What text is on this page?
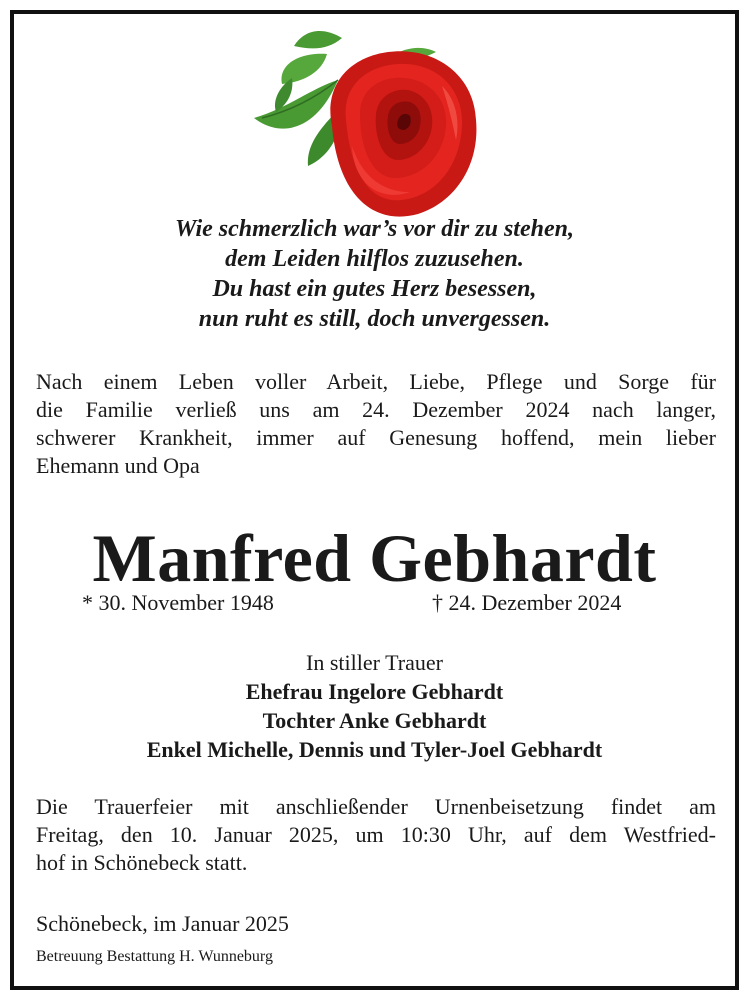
Wie schmerzlich war’s vor dir zu stehen,
dem Leiden hilflos zuzusehen.
Du hast ein gutes Herz besessen,
nun ruht es still, doch unvergessen.
Nach einem Leben voller Arbeit, Liebe, Pflege und Sorge für
die Familie verließ uns am 24. Dezember 2024 nach langer,
schwerer Krankheit, immer auf Genesung hoffend, mein lieber
Ehemann und Opa
Manfred Gebhardt
* 30. November 1948	† 24. Dezember 2024
In stiller Trauer
Ehefrau Ingelore Gebhardt
Tochter Anke Gebhardt
Enkel Michelle, Dennis und Tyler-Joel Gebhardt
Die Trauerfeier mit anschließender Urnenbeisetzung findet am
Freitag, den 10. Januar 2025, um 10:30 Uhr, auf dem Westfried-
hof in Schönebeck statt.
Schönebeck, im Januar 2025
Betreuung Bestattung H. Wunneburg
